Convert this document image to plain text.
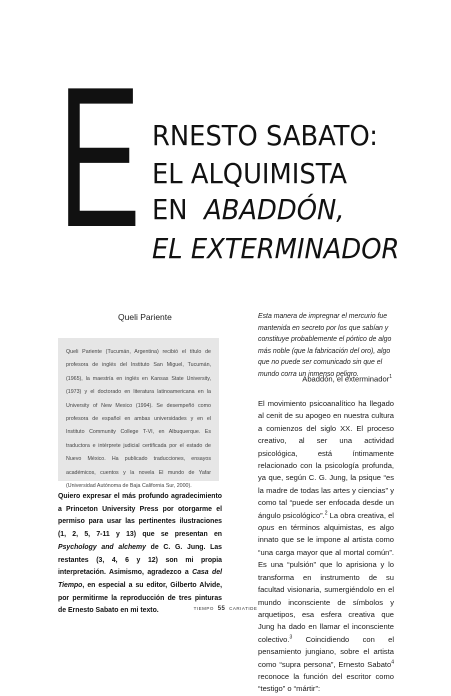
E RNESTO SABATO:
EL ALQUIMISTA
EN ABADDÓN,
EL EXTERMINADOR
Queli Pariente
Queli Pariente (Tucumán, Argentina) recibió el título de profesora de inglés del Instituto San Miguel, Tucumán, (1965), la maestría en inglés en Kansas State University, (1973) y el doctorado en literatura latinoamericana en la University of New Mexico (1994). Se desempeñó como profesora de español en ambas universidades y en el Instituto Community College T-VI, en Albuquerque. Es traductora e intérprete judicial certificada por el estado de Nuevo México. Ha publicado traducciones, ensayos académicos, cuentos y la novela El mundo de Yafar (Universidad Autónoma de Baja California Sur, 2000).
Quiero expresar el más profundo agradecimiento a Princeton University Press por otorgarme el permiso para usar las pertinentes ilustraciones (1, 2, 5, 7-11 y 13) que se presentan en Psychology and alchemy de C. G. Jung. Las restantes (3, 4, 6 y 12) son mi propia interpretación. Asimismo, agradezco a Casa del Tiempo, en especial a su editor, Gilberto Alvide, por permitirme la reproducción de tres pinturas de Ernesto Sabato en mi texto.
Esta manera de impregnar el mercurio fue mantenida en secreto por los que sabían y constituye probablemente el pórtico de algo más noble (que la fabricación del oro), algo que no puede ser comunicado sin que el mundo corra un inmenso peligro.
Abaddón, el exterminador$^1$
El movimiento psicoanalítico ha llegado al cenit de su apogeo en nuestra cultura a comienzos del siglo XX. El proceso creativo, al ser una actividad psicológica, está íntimamente relacionado con la psicología profunda, ya que, según C. G. Jung, la psique “es la madre de todas las artes y ciencias” y como tal “puede ser enfocada desde un ángulo psicológico”.$^2$ La obra creativa, el opus en términos alquimistas, es algo innato que se le impone al artista como “una carga mayor que al mortal común”. Es una “pulsión” que lo aprisiona y lo transforma en instrumento de su facultad visionaria, sumergiéndolo en el mundo inconsciente de símbolos y arquetipos, esa esfera creativa que Jung ha dado en llamar el inconsciente colectivo.$^3$ Coincidiendo con el pensamiento jungiano, sobre el artista como “supra persona”, Ernesto Sabato$^4$ reconoce la función del escritor como “testigo” o “mártir”:
TIEMPO 55 CARIATIDE
